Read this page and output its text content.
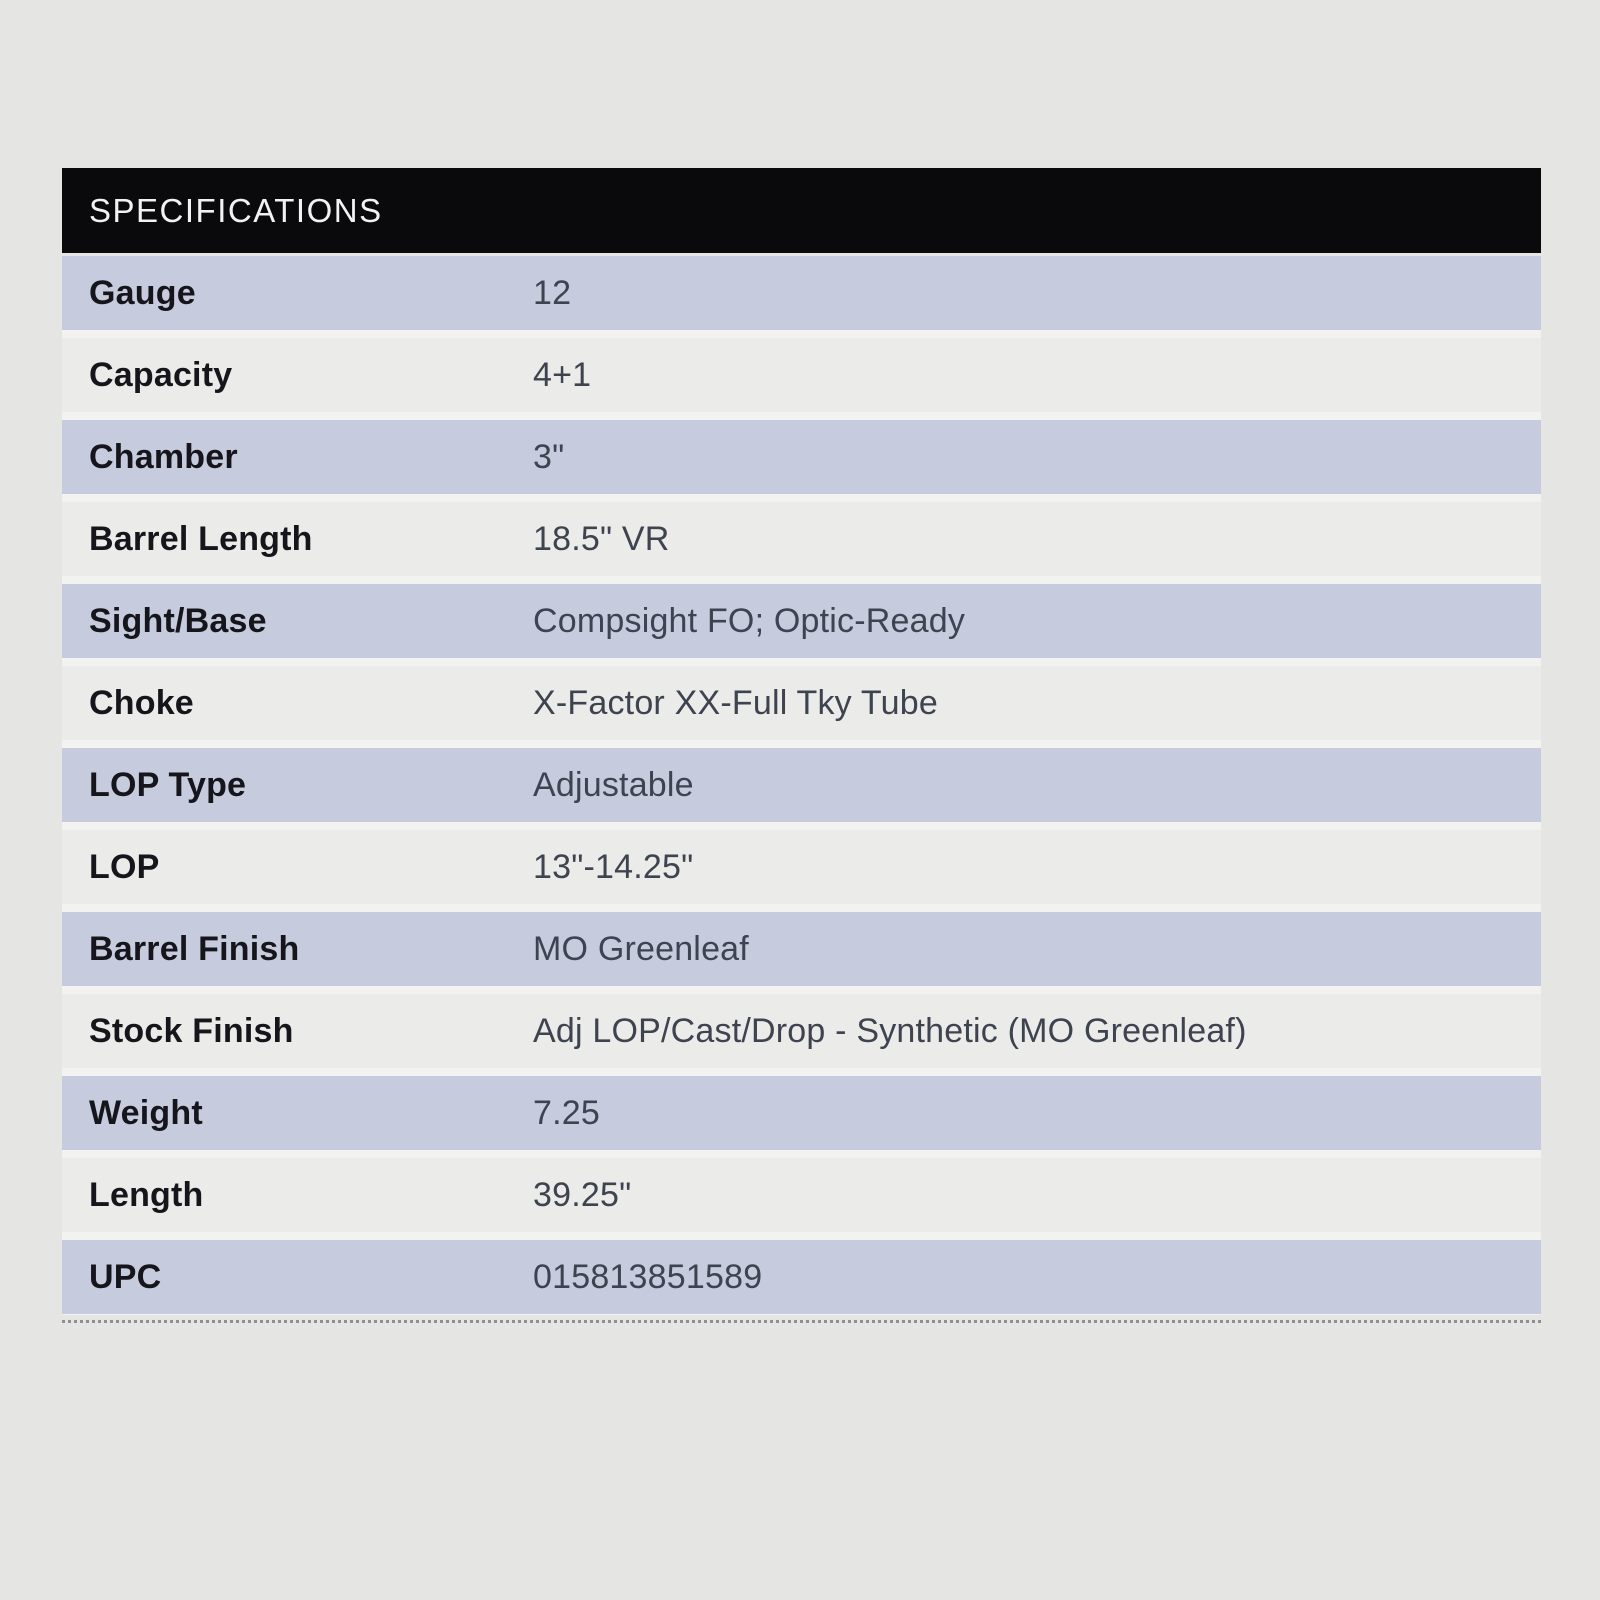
SPECIFICATIONS
Gauge	12
Capacity	4+1
Chamber	3"
Barrel Length	18.5" VR
Sight/Base	Compsight FO; Optic-Ready
Choke	X-Factor XX-Full Tky Tube
LOP Type	Adjustable
LOP	13"-14.25"
Barrel Finish	MO Greenleaf
Stock Finish	Adj LOP/Cast/Drop - Synthetic (MO Greenleaf)
Weight	7.25
Length	39.25"
UPC	015813851589
